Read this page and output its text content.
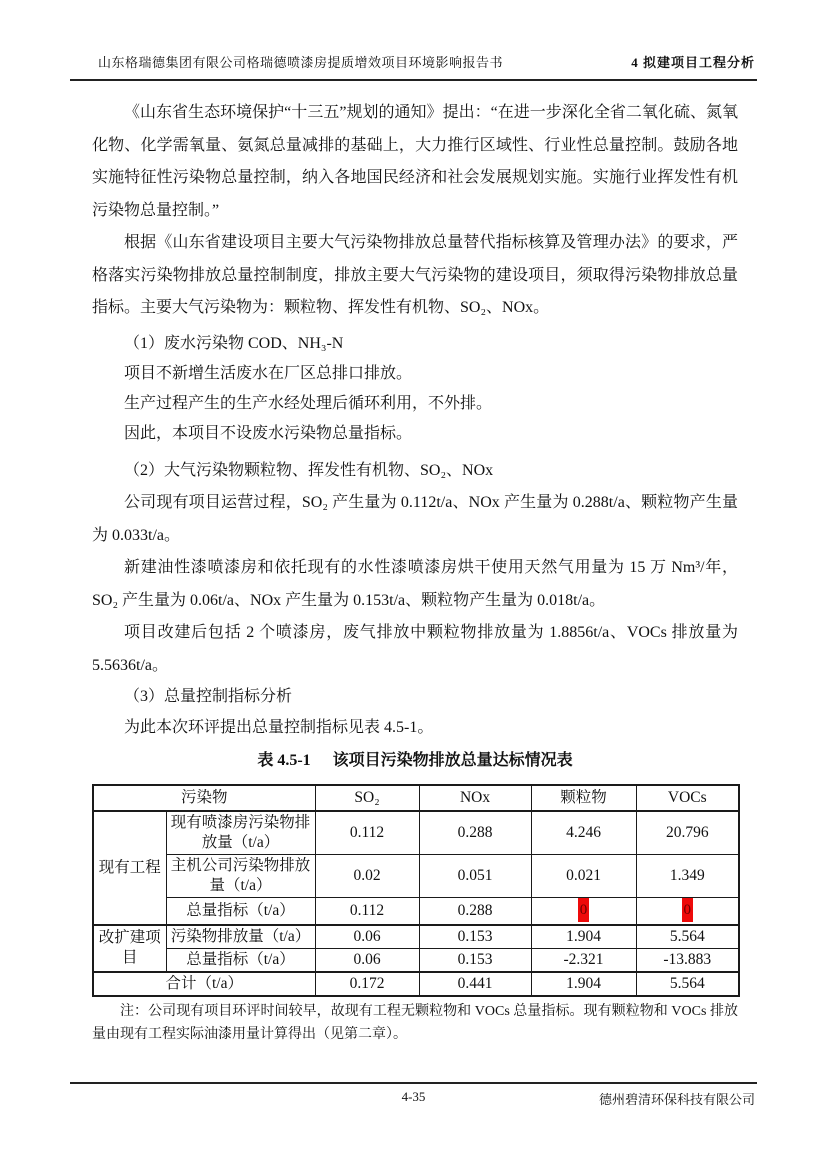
山东格瑞德集团有限公司格瑞德喷漆房提质增效项目环境影响报告书	4 拟建项目工程分析

《山东省生态环境保护“十三五”规划的通知》提出：“在进一步深化全省二氧化硫、氮氧化物、化学需氧量、氨氮总量减排的基础上，大力推行区域性、行业性总量控制。鼓励各地实施特征性污染物总量控制，纳入各地国民经济和社会发展规划实施。实施行业挥发性有机污染物总量控制。”

根据《山东省建设项目主要大气污染物排放总量替代指标核算及管理办法》的要求，严格落实污染物排放总量控制制度，排放主要大气污染物的建设项目，须取得污染物排放总量指标。主要大气污染物为：颗粒物、挥发性有机物、SO₂、NOx。

（1）废水污染物 COD、NH₃-N

项目不新增生活废水在厂区总排口排放。

生产过程产生的生产水经处理后循环利用，不外排。

因此，本项目不设废水污染物总量指标。

（2）大气污染物颗粒物、挥发性有机物、SO₂、NOx

公司现有项目运营过程，SO₂ 产生量为 0.112t/a、NOx 产生量为 0.288t/a、颗粒物产生量为 0.033t/a。

新建油性漆喷漆房和依托现有的水性漆喷漆房烘干使用天然气用量为 15 万 Nm³/年，SO₂ 产生量为 0.06t/a、NOx 产生量为 0.153t/a、颗粒物产生量为 0.018t/a。

项目改建后包括 2 个喷漆房，废气排放中颗粒物排放量为 1.8856t/a、VOCs 排放量为 5.5636t/a。

（3）总量控制指标分析

为此本次环评提出总量控制指标见表 4.5-1。

表 4.5-1 该项目污染物排放总量达标情况表
污染物		SO₂	NOx	颗粒物	VOCs
现有工程	现有喷漆房污染物排放量（t/a）	0.112	0.288	4.246	20.796
	主机公司污染物排放量（t/a）	0.02	0.051	0.021	1.349
	总量指标（t/a）	0.112	0.288	0	0
改扩建项目	污染物排放量（t/a）	0.06	0.153	1.904	5.564
	总量指标（t/a）	0.06	0.153	-2.321	-13.883
合计（t/a）		0.172	0.441	1.904	5.564

注：公司现有项目环评时间较早，故现有工程无颗粒物和 VOCs 总量指标。现有颗粒物和 VOCs 排放量由现有工程实际油漆用量计算得出（见第二章）。

4-35	德州碧清环保科技有限公司
